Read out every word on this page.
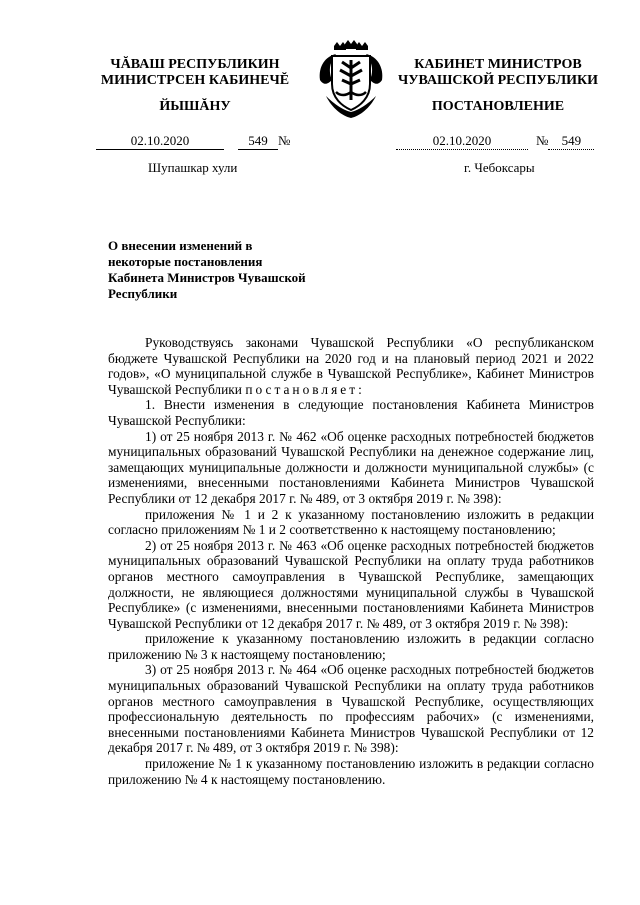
ЧĂВАШ РЕСПУБЛИКИН
МИНИСТРСЕН КАБИНЕЧĔ
ЙЫШĂНУ
КАБИНЕТ МИНИСТРОВ
ЧУВАШСКОЙ РЕСПУБЛИКИ
ПОСТАНОВЛЕНИЕ
02.10.2020	549 №	02.10.2020	№ 549
Шупашкар хули	г. Чебоксары
О внесении изменений в некоторые постановления Кабинета Министров Чувашской Республики

Руководствуясь законами Чувашской Республики «О республиканском бюджете Чувашской Республики на 2020 год и на плановый период 2021 и 2022 годов», «О муниципальной службе в Чувашской Республике», Кабинет Министров Чувашской Республики постановляет:

1. Внести изменения в следующие постановления Кабинета Министров Чувашской Республики:

1) от 25 ноября 2013 г. № 462 «Об оценке расходных потребностей бюджетов муниципальных образований Чувашской Республики на денежное содержание лиц, замещающих муниципальные должности и должности муниципальной службы» (с изменениями, внесенными постановлениями Кабинета Министров Чувашской Республики от 12 декабря 2017 г. № 489, от 3 октября 2019 г. № 398):

приложения № 1 и 2 к указанному постановлению изложить в редакции согласно приложениям № 1 и 2 соответственно к настоящему постановлению;

2) от 25 ноября 2013 г. № 463 «Об оценке расходных потребностей бюджетов муниципальных образований Чувашской Республики на оплату труда работников органов местного самоуправления в Чувашской Республике, замещающих должности, не являющиеся должностями муниципальной службы в Чувашской Республике» (с изменениями, внесенными постановлениями Кабинета Министров Чувашской Республики от 12 декабря 2017 г. № 489, от 3 октября 2019 г. № 398):

приложение к указанному постановлению изложить в редакции согласно приложению № 3 к настоящему постановлению;

3) от 25 ноября 2013 г. № 464 «Об оценке расходных потребностей бюджетов муниципальных образований Чувашской Республики на оплату труда работников органов местного самоуправления в Чувашской Республике, осуществляющих профессиональную деятельность по профессиям рабочих» (с изменениями, внесенными постановлениями Кабинета Министров Чувашской Республики от 12 декабря 2017 г. № 489, от 3 октября 2019 г. № 398):

приложение № 1 к указанному постановлению изложить в редакции согласно приложению № 4 к настоящему постановлению.
